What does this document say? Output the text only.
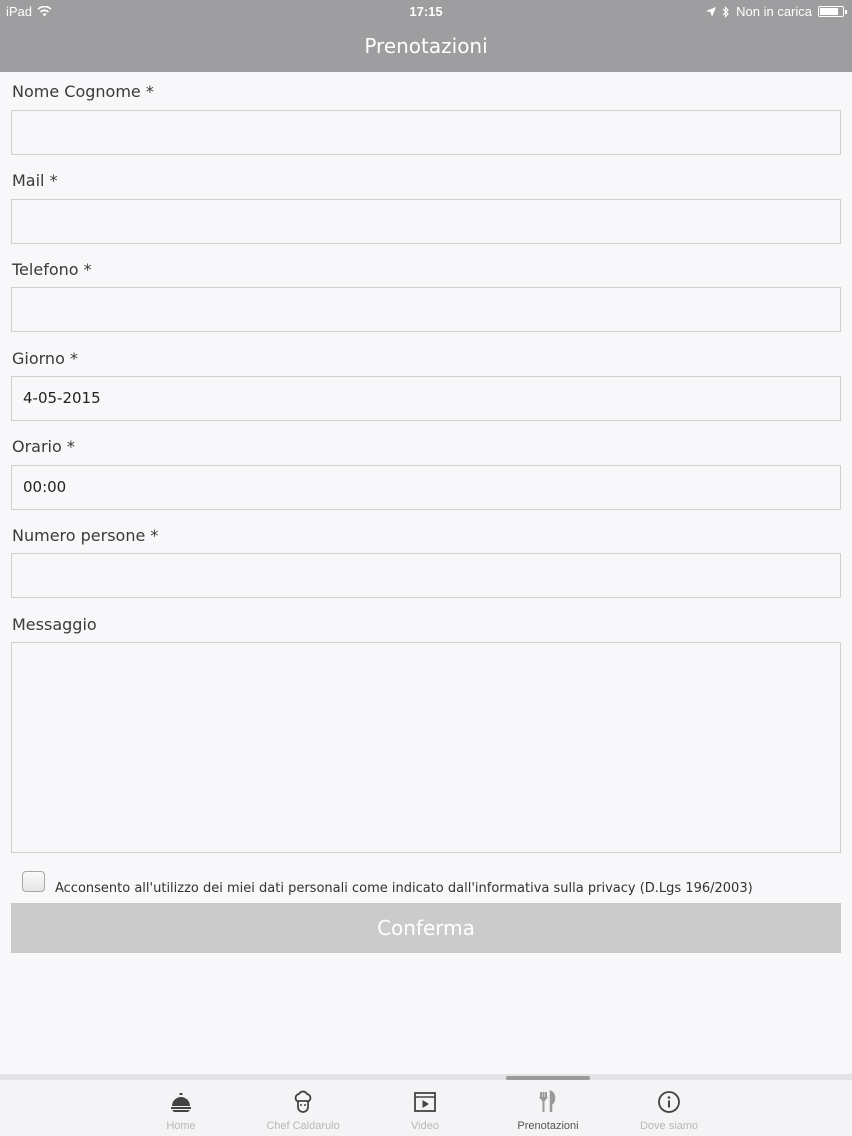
iPad	17:15	Non in carica
Prenotazioni
Nome Cognome *
Mail *
Telefono *
Giorno *
4-05-2015
Orario *
00:00
Numero persone *
Messaggio
Acconsento all'utilizzo dei miei dati personali come indicato dall'informativa sulla privacy (D.Lgs 196/2003)
Conferma
Home	Chef Caldarulo	Video	Prenotazioni	Dove siamo
